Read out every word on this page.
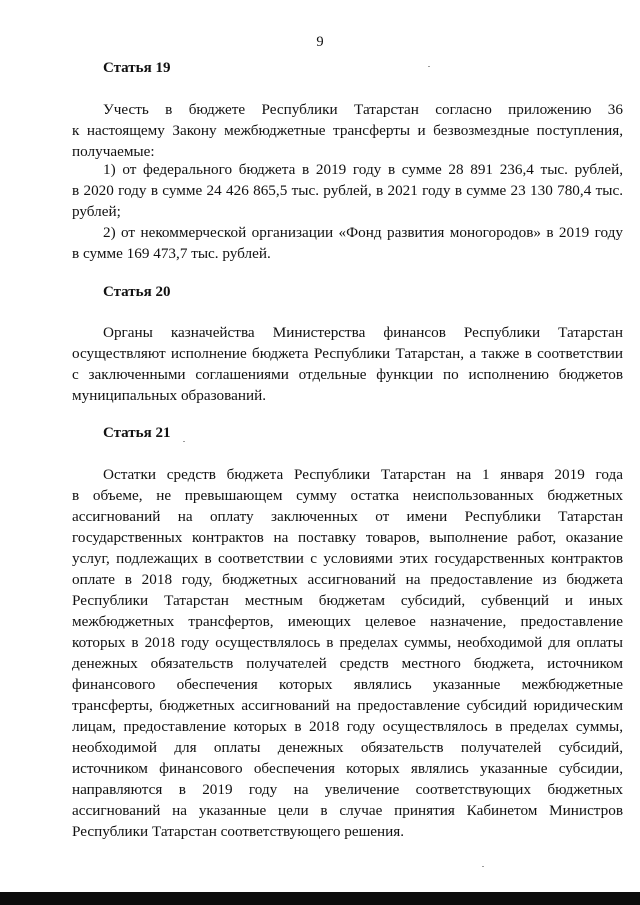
9
Статья 19
Учесть в бюджете Республики Татарстан согласно приложению 36
к настоящему Закону межбюджетные трансферты и безвозмездные поступления,
получаемые:
1) от федерального бюджета в 2019 году в сумме 28 891 236,4 тыс. рублей,
в 2020 году в сумме 24 426 865,5 тыс. рублей, в 2021 году в сумме 23 130 780,4 тыс.
рублей;
2) от некоммерческой организации «Фонд развития моногородов» в 2019 году
в сумме 169 473,7 тыс. рублей.
Статья 20
Органы казначейства Министерства финансов Республики Татарстан
осуществляют исполнение бюджета Республики Татарстан, а также в соответствии
с заключенными соглашениями отдельные функции по исполнению бюджетов
муниципальных образований.
Статья 21
Остатки средств бюджета Республики Татарстан на 1 января 2019 года
в объеме, не превышающем сумму остатка неиспользованных бюджетных
ассигнований на оплату заключенных от имени Республики Татарстан
государственных контрактов на поставку товаров, выполнение работ, оказание
услуг, подлежащих в соответствии с условиями этих государственных контрактов
оплате в 2018 году, бюджетных ассигнований на предоставление из бюджета
Республики Татарстан местным бюджетам субсидий, субвенций и иных
межбюджетных трансфертов, имеющих целевое назначение, предоставление
которых в 2018 году осуществлялось в пределах суммы, необходимой для оплаты
денежных обязательств получателей средств местного бюджета, источником
финансового обеспечения которых являлись указанные межбюджетные
трансферты, бюджетных ассигнований на предоставление субсидий юридическим
лицам, предоставление которых в 2018 году осуществлялось в пределах суммы,
необходимой для оплаты денежных обязательств получателей субсидий,
источником финансового обеспечения которых являлись указанные субсидии,
направляются в 2019 году на увеличение соответствующих бюджетных
ассигнований на указанные цели в случае принятия Кабинетом Министров
Республики Татарстан соответствующего решения.
